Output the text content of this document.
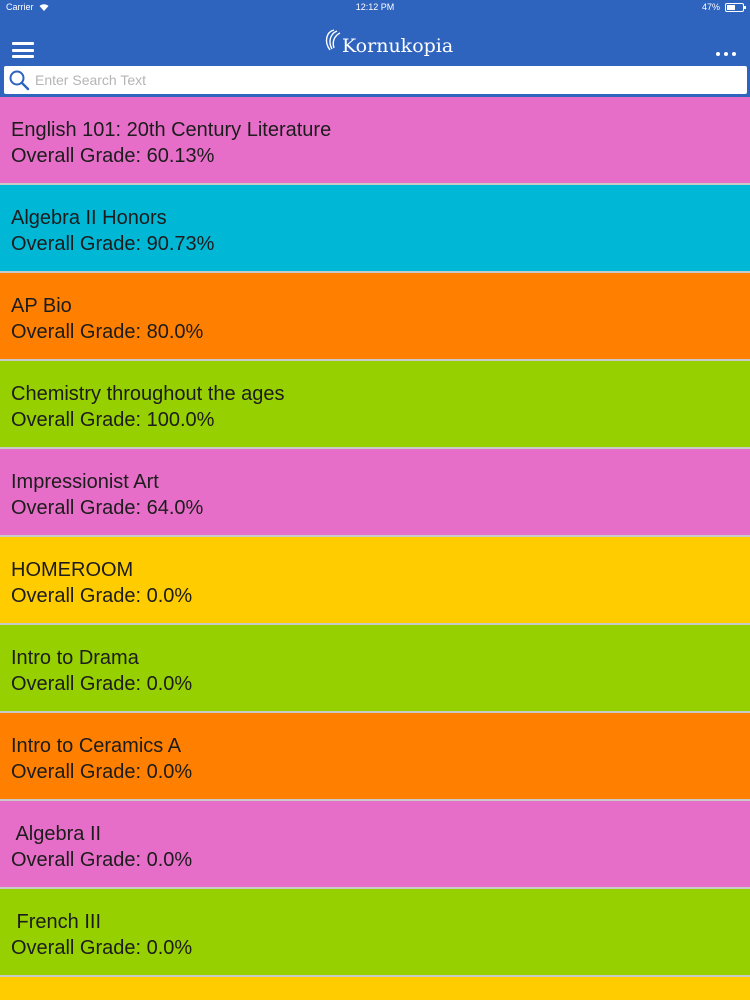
Carrier	12:12 PM	47%
Kornukopia
Enter Search Text
English 101: 20th Century Literature
Overall Grade: 60.13%
Algebra II Honors
Overall Grade: 90.73%
AP Bio
Overall Grade: 80.0%
Chemistry throughout the ages
Overall Grade: 100.0%
Impressionist Art
Overall Grade: 64.0%
HOMEROOM
Overall Grade: 0.0%
Intro to Drama
Overall Grade: 0.0%
Intro to Ceramics A
Overall Grade: 0.0%
Algebra II
Overall Grade: 0.0%
French III
Overall Grade: 0.0%
